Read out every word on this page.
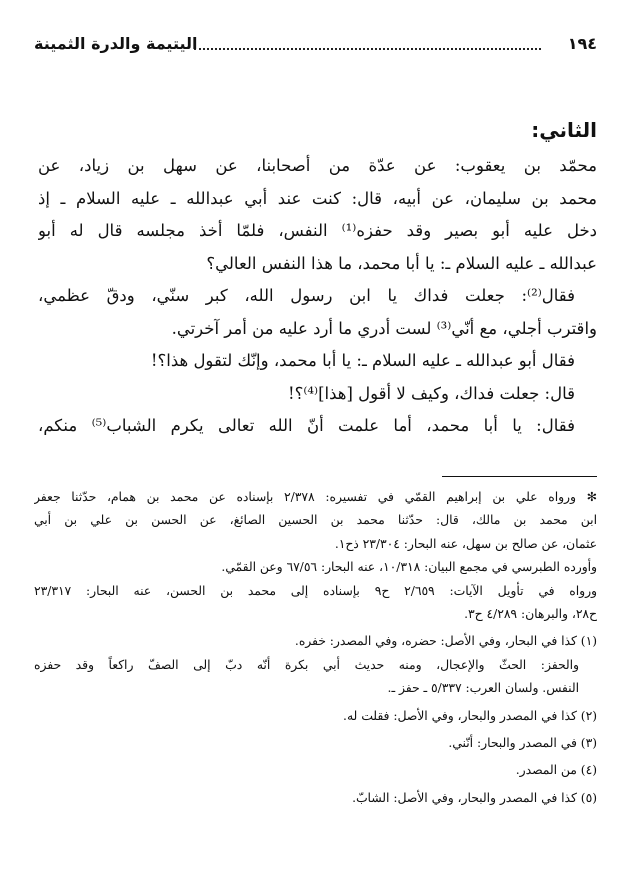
١٩٤
اليتيمة والدرة الثمينة
الثاني:
محمّد بن يعقوب: عن عدّة من أصحابنا، عن سهل بن زياد، عن
محمد بن سليمان، عن أبيه، قال: كنت عند أبي عبدالله ـ عليه السلام ـ إذ
دخل عليه أبو بصير وقد حفزه⁽¹⁾ النفس، فلمّا أخذ مجلسه قال له أبو
عبدالله ـ عليه السلام ـ: يا أبا محمد، ما هذا النفس العالي؟
فقال⁽²⁾: جعلت فداك يا ابن رسول الله، كبر سنّي، ودقّ عظمي،
واقترب أجلي، مع أنّي⁽³⁾ لست أدري ما أرد عليه من أمر آخرتي.
فقال أبو عبدالله ـ عليه السلام ـ: يا أبا محمد، وإنّك لتقول هذا؟!
قال: جعلت فداك، وكيف لا أقول [هذا]⁽⁴⁾؟!
فقال: يا أبا محمد، أما علمت أنّ الله تعالى يكرم الشباب⁽⁵⁾ منكم،
✻ ورواه علي بن إبراهيم القمّي في تفسيره: ٢/٣٧٨ بإسناده عن محمد بن همام، حدّثنا جعفر
ابن محمد بن مالك، قال: حدّثنا محمد بن الحسين الصائغ، عن الحسن بن علي بن أبي
عثمان، عن صالح بن سهل، عنه البحار: ٢٣/٣٠٤ ذح١.
وأورده الطبرسي في مجمع البيان: ١٠/٣١٨، عنه البحار: ٦٧/٥٦ وعن القمّي.
ورواه في تأويل الآيات: ٢/٦٥٩ ح٩ بإسناده إلى محمد بن الحسن، عنه البحار: ٢٣/٣١٧
ح٢٨، والبرهان: ٤/٢٨٩ ح٣.
(١) كذا في البحار، وفي الأصل: حضره، وفي المصدر: خفره.
والحفز: الحثّ والإعجال، ومنه حديث أبي بكرة أنّه دبّ إلى الصفّ راكعاً وقد حفزه
النفس. ولسان العرب: ٥/٣٣٧ ـ حفز ـ.
(٢) كذا في المصدر والبحار، وفي الأصل: فقلت له.
(٣) في المصدر والبحار: أنّني.
(٤) من المصدر.
(٥) كذا في المصدر والبحار، وفي الأصل: الشابّ.
